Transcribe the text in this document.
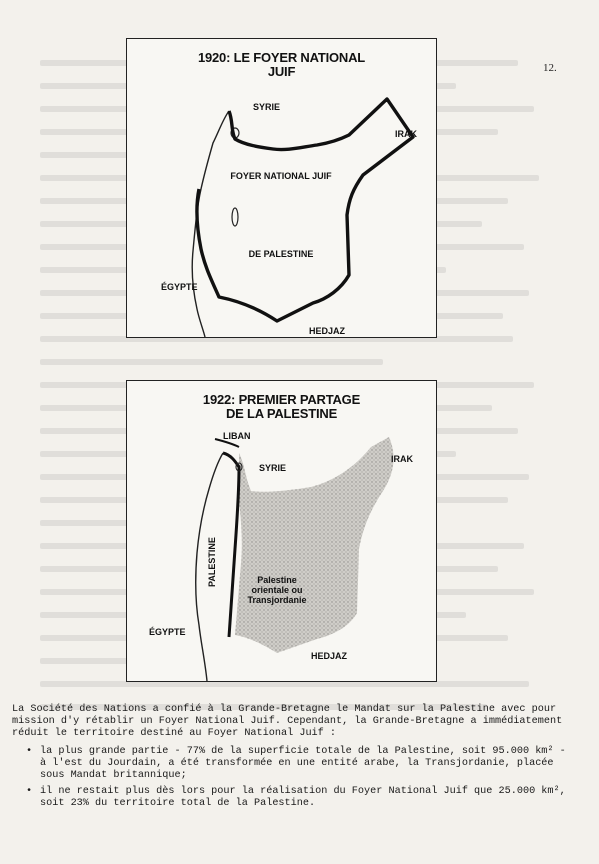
12.
1920: LE FOYER NATIONAL
JUIF
SYRIE
IRAK
FOYER NATIONAL JUIF
DE PALESTINE
ÉGYPTE
HEDJAZ
1922: PREMIER PARTAGE
DE LA PALESTINE
LIBAN
SYRIE
IRAK
PALESTINE	Palestine
orientale ou
Transjordanie
ÉGYPTE
HEDJAZ

La Société des Nations a confié à la Grande-Bretagne le Mandat sur la Palestine avec pour mission d'y rétablir un Foyer National Juif. Cependant, la Grande-Bretagne a immédiatement réduit le territoire destiné au Foyer National Juif :

• la plus grande partie - 77% de la superficie totale de la Palestine, soit 95.000 km² - à l'est du Jourdain, a été transformée en une entité arabe, la Transjordanie, placée sous Mandat britannique;
• il ne restait plus dès lors pour la réalisation du Foyer National Juif que 25.000 km², soit 23% du territoire total de la Palestine.
